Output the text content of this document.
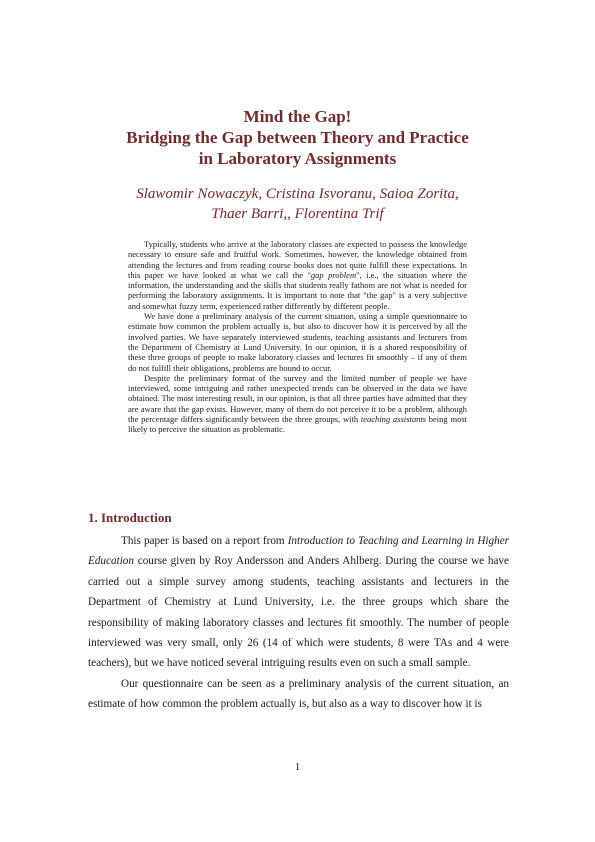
Mind the Gap!
Bridging the Gap between Theory and Practice
in Laboratory Assignments
Slawomir Nowaczyk, Cristina Isvoranu, Saioa Zorita,
Thaer Barri,, Florentina Trif

Typically, students who arrive at the laboratory classes are expected to possess the knowledge necessary to ensure safe and fruitful work. Sometimes, however, the knowledge obtained from attending the lectures and from reading course books does not quite fulfill these expectations. In this paper we have looked at what we call the "gap problem", i.e., the situation where the information, the understanding and the skills that students really fathom are not what is needed for performing the laboratory assignments. It is important to note that "the gap" is a very subjective and somewhat fuzzy term, experienced rather differently by different people.

We have done a preliminary analysis of the current situation, using a simple questionnaire to estimate how common the problem actually is, but also to discover how it is perceived by all the involved parties. We have separately interviewed students, teaching assistants and lecturers from the Department of Chemistry at Lund University. In our opinion, it is a shared responsibility of these three groups of people to make laboratory classes and lectures fit smoothly – if any of them do not fulfill their obligations, problems are bound to occur.

Despite the preliminary format of the survey and the limited number of people we have interviewed, some intriguing and rather unexpected trends can be observed in the data we have obtained. The most interesting result, in our opinion, is that all three parties have admitted that they are aware that the gap exists. However, many of them do not perceive it to be a problem, although the percentage differs significantly between the three groups, with teaching assistants being most likely to perceive the situation as problematic.

1. Introduction

This paper is based on a report from Introduction to Teaching and Learning in Higher Education course given by Roy Andersson and Anders Ahlberg. During the course we have carried out a simple survey among students, teaching assistants and lecturers in the Department of Chemistry at Lund University, i.e. the three groups which share the responsibility of making laboratory classes and lectures fit smoothly. The number of people interviewed was very small, only 26 (14 of which were students, 8 were TAs and 4 were teachers), but we have noticed several intriguing results even on such a small sample.

Our questionnaire can be seen as a preliminary analysis of the current situation, an estimate of how common the problem actually is, but also as a way to discover how it is

1
